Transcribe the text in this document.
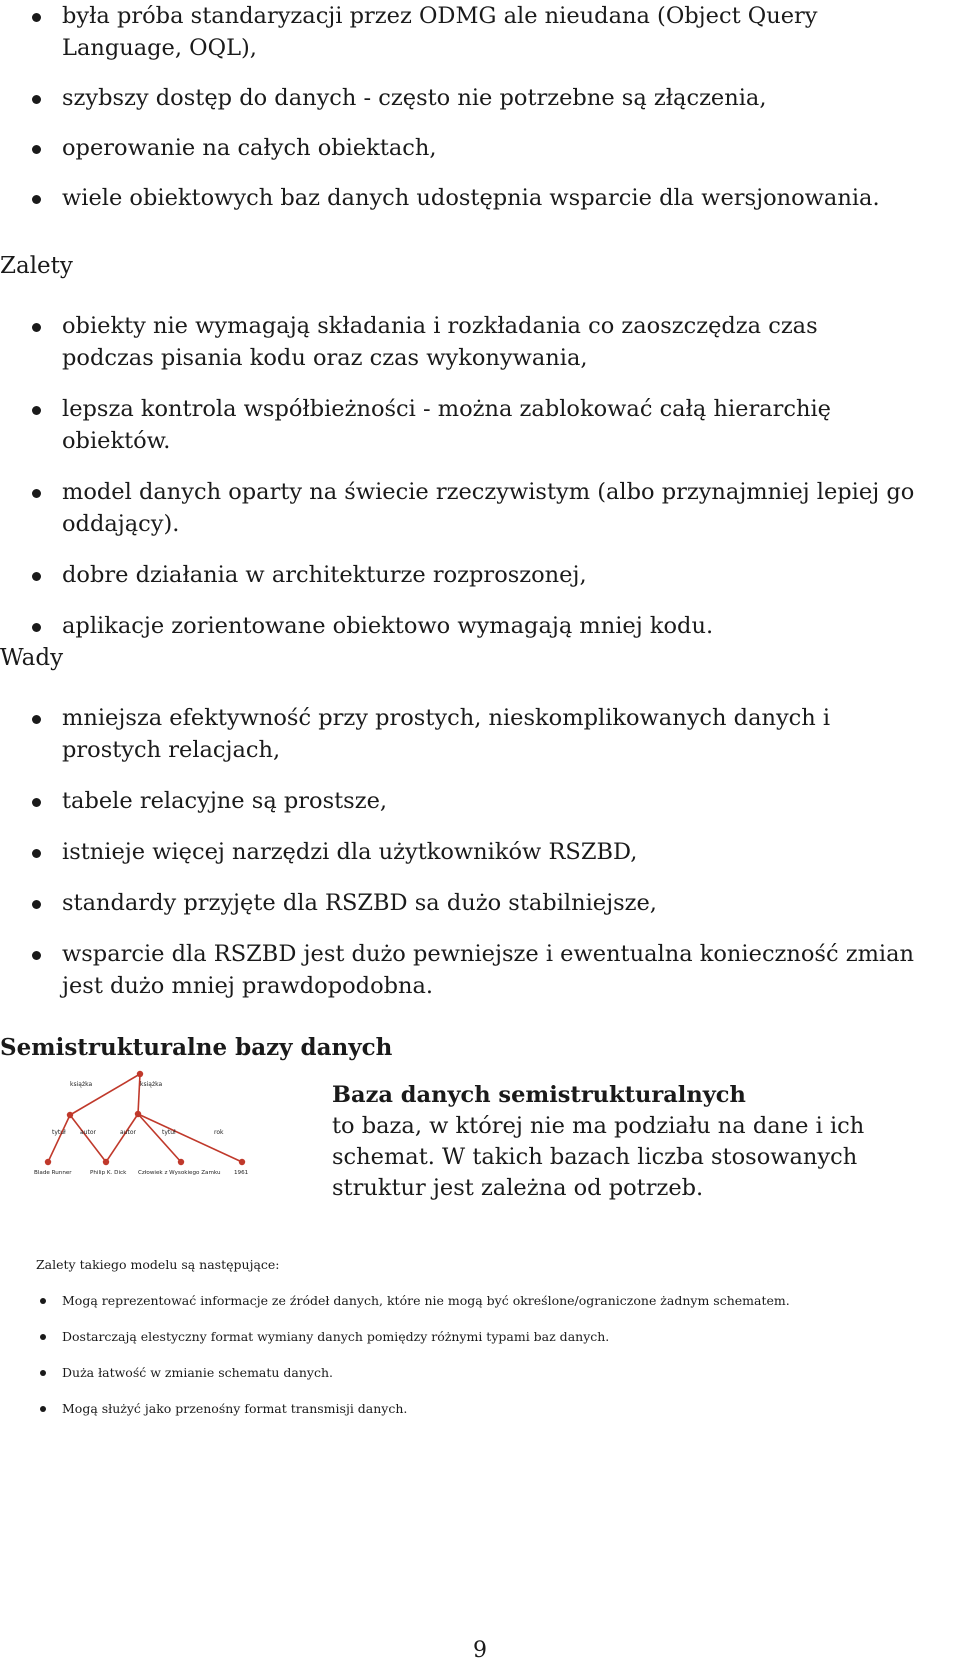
była próba standaryzacji przez ODMG ale nieudana (Object Query Language, OQL),
szybszy dostęp do danych - często nie potrzebne są złączenia,
operowanie na całych obiektach,
wiele obiektowych baz danych udostępnia wsparcie dla wersjonowania.
Zalety
obiekty nie wymagają składania i rozkładania co zaoszczędza czas podczas pisania kodu oraz czas wykonywania,
lepsza kontrola współbieżności - można zablokować całą hierarchię obiektów.
model danych oparty na świecie rzeczywistym (albo przynajmniej lepiej go oddający).
dobre działania w architekturze rozproszonej,
aplikacje zorientowane obiektowo wymagają mniej kodu.
Wady
mniejsza efektywność przy prostych, nieskomplikowanych danych i prostych relacjach,
tabele relacyjne są prostsze,
istnieje więcej narzędzi dla użytkowników RSZBD,
standardy przyjęte dla RSZBD sa dużo stabilniejsze,
wsparcie dla RSZBD jest dużo pewniejsze i ewentualna konieczność zmian jest dużo mniej prawdopodobna.
Semistrukturalne bazy danych
książka	książka
tytuł autor	autor	tytuł	rok
Blade Runner	Philip K. Dick Człowiek z Wysokiego Zamku 1961
Baza danych semistrukturalnych
to baza, w której nie ma podziału na dane i ich schemat. W takich bazach liczba stosowanych struktur jest zależna od potrzeb.

Zalety takiego modelu są następujące:

Mogą reprezentować informacje ze źródeł danych, które nie mogą być określone/ograniczone żadnym schematem.
Dostarczają elestyczny format wymiany danych pomiędzy różnymi typami baz danych.
Duża łatwość w zmianie schematu danych.
Mogą służyć jako przenośny format transmisji danych.

9
